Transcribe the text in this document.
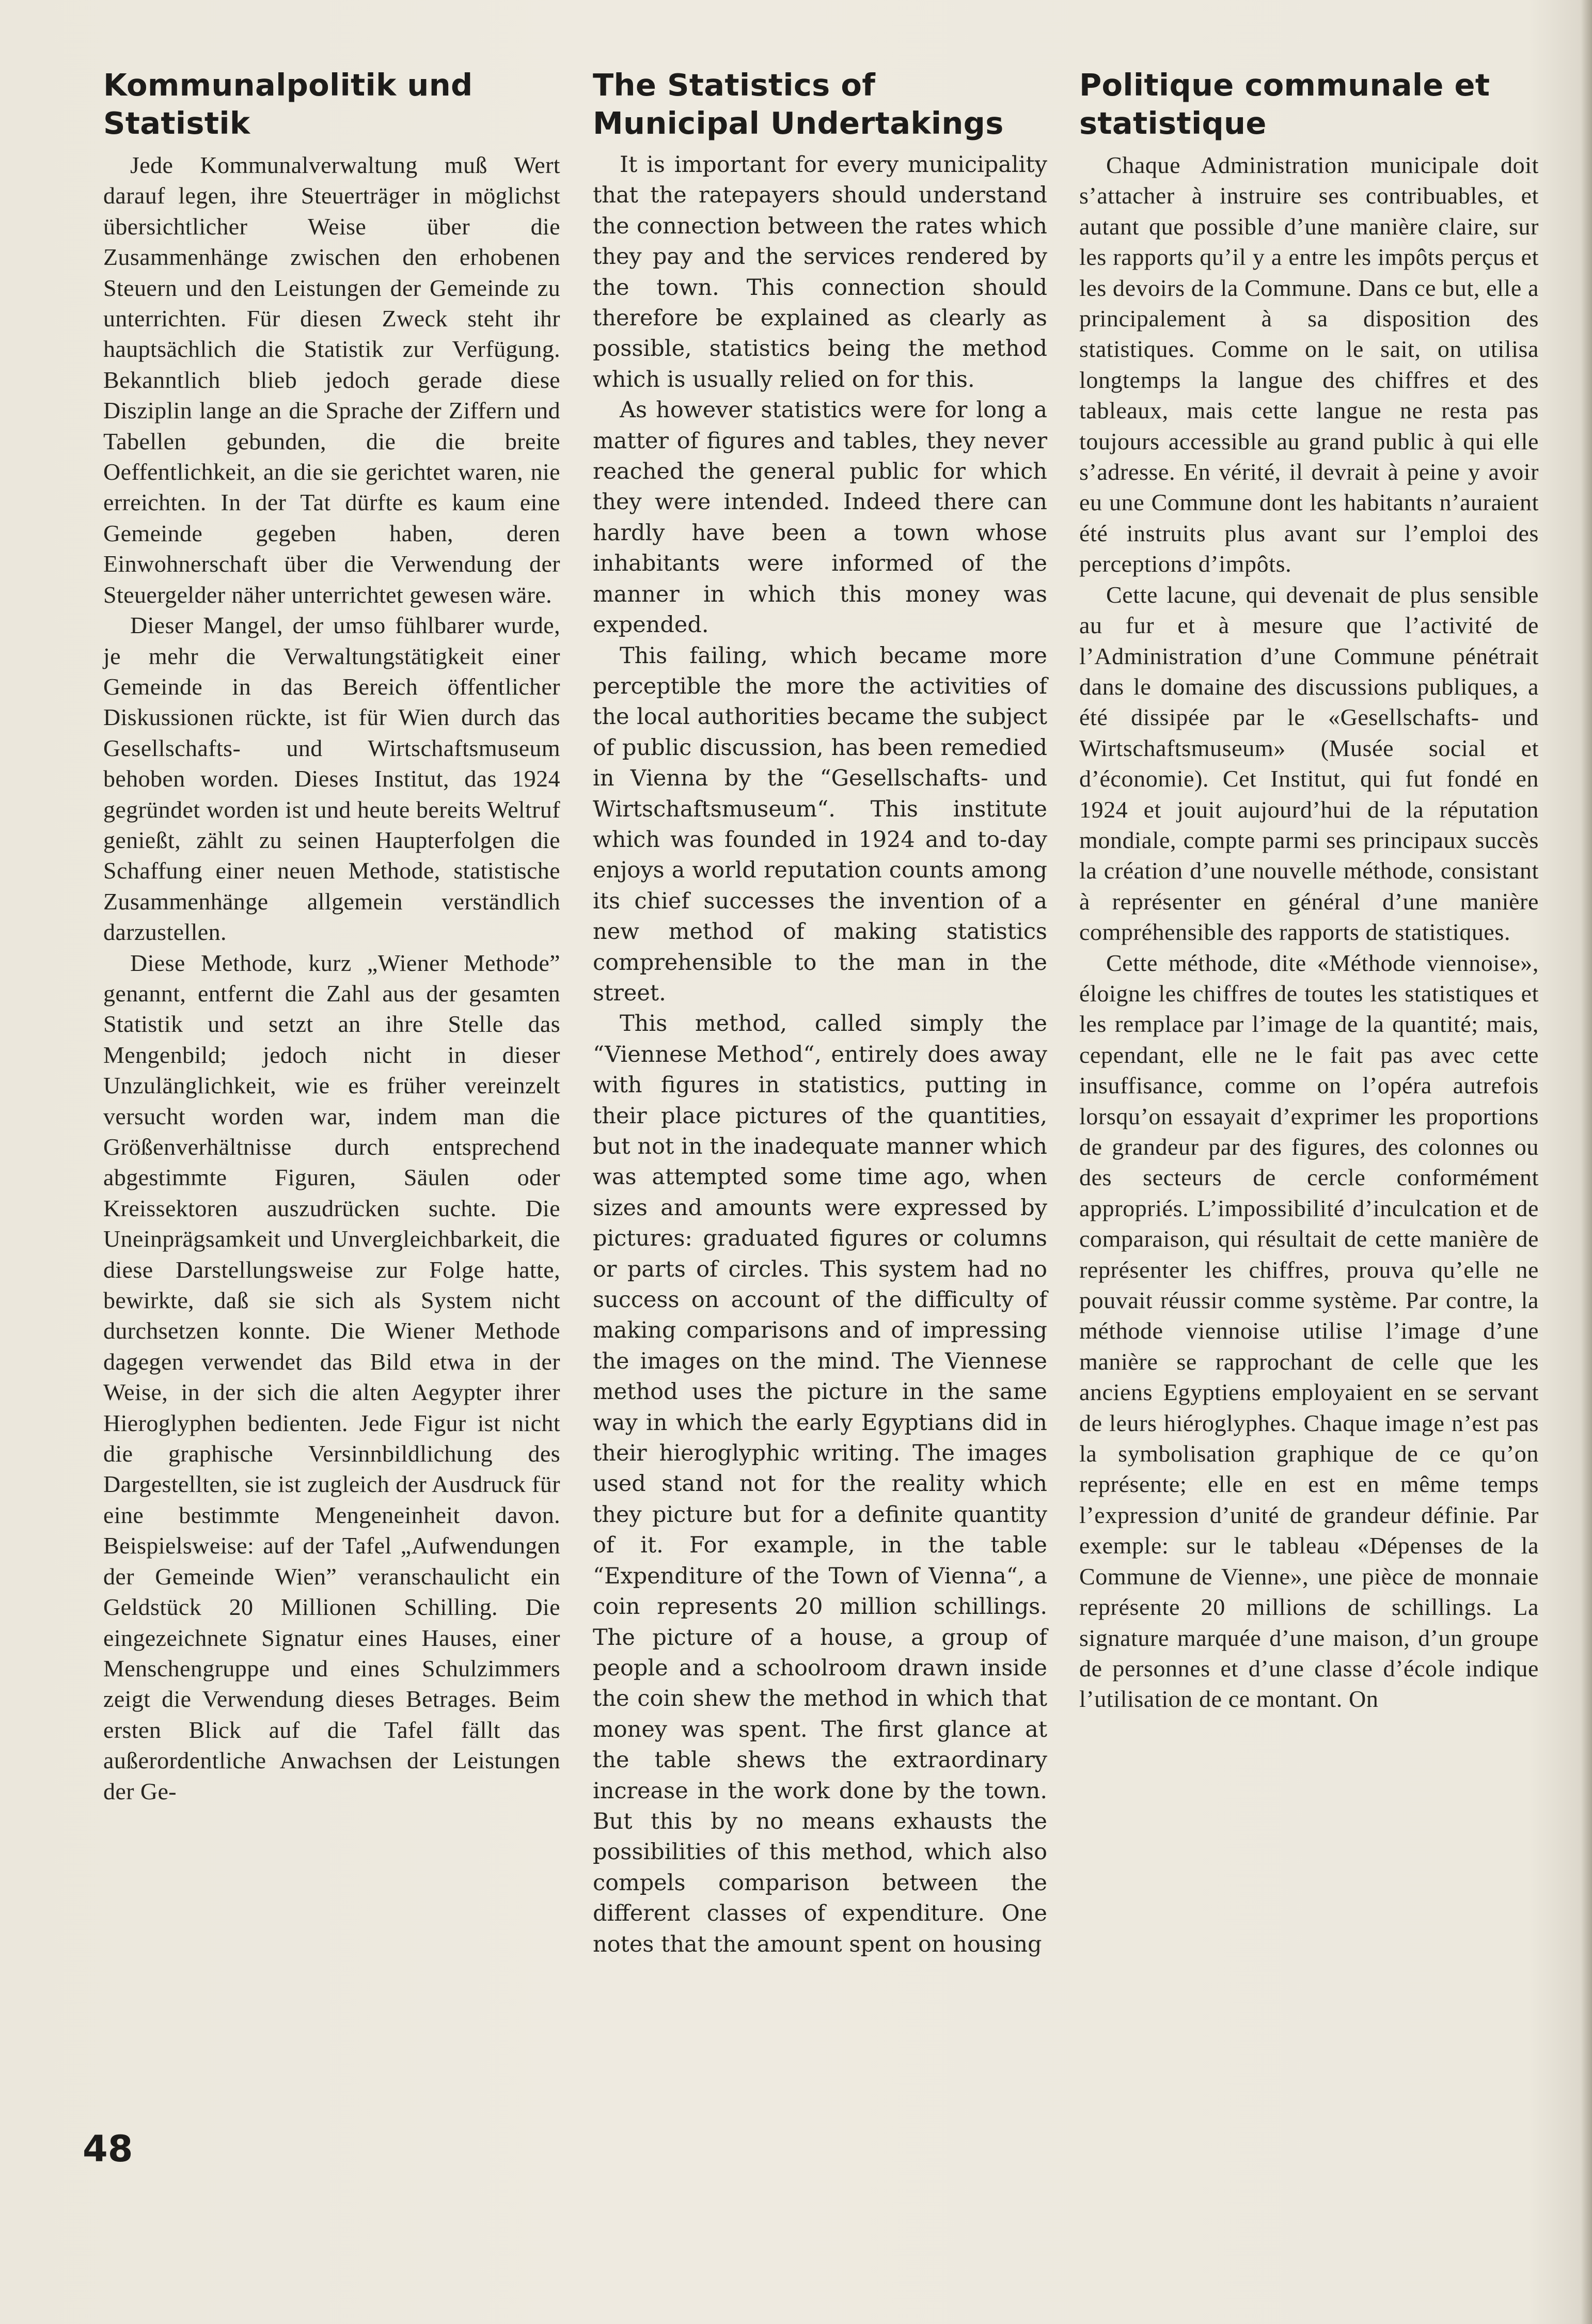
Kommunalpolitik und Statistik

Jede Kommunalverwaltung muß Wert darauf legen, ihre Steuerträger in möglichst übersichtlicher Weise über die Zusammenhänge zwischen den erhobenen Steuern und den Leistungen der Gemeinde zu unterrichten. Für diesen Zweck steht ihr hauptsächlich die Statistik zur Verfügung. Bekanntlich blieb jedoch gerade diese Disziplin lange an die Sprache der Ziffern und Tabellen gebunden, die die breite Oeffentlichkeit, an die sie gerichtet waren, nie erreichten. In der Tat dürfte es kaum eine Gemeinde gegeben haben, deren Einwohnerschaft über die Verwendung der Steuergelder näher unterrichtet gewesen wäre.

Dieser Mangel, der umso fühlbarer wurde, je mehr die Verwaltungstätigkeit einer Gemeinde in das Bereich öffentlicher Diskussionen rückte, ist für Wien durch das Gesellschafts- und Wirtschaftsmuseum behoben worden. Dieses Institut, das 1924 gegründet worden ist und heute bereits Weltruf genießt, zählt zu seinen Haupterfolgen die Schaffung einer neuen Methode, statistische Zusammenhänge allgemein verständlich darzustellen.

Diese Methode, kurz „Wiener Methode” genannt, entfernt die Zahl aus der gesamten Statistik und setzt an ihre Stelle das Mengenbild; jedoch nicht in dieser Unzulänglichkeit, wie es früher vereinzelt versucht worden war, indem man die Größenverhältnisse durch entsprechend abgestimmte Figuren, Säulen oder Kreissektoren auszudrücken suchte. Die Uneinprägsamkeit und Unvergleichbarkeit, die diese Darstellungsweise zur Folge hatte, bewirkte, daß sie sich als System nicht durchsetzen konnte. Die Wiener Methode dagegen verwendet das Bild etwa in der Weise, in der sich die alten Aegypter ihrer Hieroglyphen bedienten. Jede Figur ist nicht die graphische Versinnbildlichung des Dargestellten, sie ist zugleich der Ausdruck für eine bestimmte Mengeneinheit davon. Beispielsweise: auf der Tafel „Aufwendungen der Gemeinde Wien” veranschaulicht ein Geldstück 20 Millionen Schilling. Die eingezeichnete Signatur eines Hauses, einer Menschengruppe und eines Schulzimmers zeigt die Verwendung dieses Betrages. Beim ersten Blick auf die Tafel fällt das außerordentliche Anwachsen der Leistungen der Ge-

The Statistics of Municipal Undertakings

It is important for every municipality that the ratepayers should understand the connection between the rates which they pay and the services rendered by the town. This connection should therefore be explained as clearly as possible, statistics being the method which is usually relied on for this.

As however statistics were for long a matter of figures and tables, they never reached the general public for which they were intended. Indeed there can hardly have been a town whose inhabitants were informed of the manner in which this money was expended.

This failing, which became more perceptible the more the activities of the local authorities became the subject of public discussion, has been remedied in Vienna by the “Gesellschafts- und Wirtschaftsmuseum“. This institute which was founded in 1924 and to-day enjoys a world reputation counts among its chief successes the invention of a new method of making statistics comprehensible to the man in the street.

This method, called simply the “Viennese Method“, entirely does away with figures in statistics, putting in their place pictures of the quantities, but not in the inadequate manner which was attempted some time ago, when sizes and amounts were expressed by pictures: graduated figures or columns or parts of circles. This system had no success on account of the difficulty of making comparisons and of impressing the images on the mind. The Viennese method uses the picture in the same way in which the early Egyptians did in their hieroglyphic writing. The images used stand not for the reality which they picture but for a definite quantity of it. For example, in the table “Expenditure of the Town of Vienna“, a coin represents 20 million schillings. The picture of a house, a group of people and a schoolroom drawn inside the coin shew the method in which that money was spent. The first glance at the table shews the extraordinary increase in the work done by the town. But this by no means exhausts the possibilities of this method, which also compels comparison between the different classes of expenditure. One notes that the amount spent on housing

Politique communale et statistique

Chaque Administration municipale doit s’attacher à instruire ses contribuables, et autant que possible d’une manière claire, sur les rapports qu’il y a entre les impôts perçus et les devoirs de la Commune. Dans ce but, elle a principalement à sa disposition des statistiques. Comme on le sait, on utilisa longtemps la langue des chiffres et des tableaux, mais cette langue ne resta pas toujours accessible au grand public à qui elle s’adresse. En vérité, il devrait à peine y avoir eu une Commune dont les habitants n’auraient été instruits plus avant sur l’emploi des perceptions d’impôts.

Cette lacune, qui devenait de plus sensible au fur et à mesure que l’activité de l’Administration d’une Commune pénétrait dans le domaine des discussions publiques, a été dissipée par le «Gesellschafts- und Wirtschaftsmuseum» (Musée social et d’économie). Cet Institut, qui fut fondé en 1924 et jouit aujourd’hui de la réputation mondiale, compte parmi ses principaux succès la création d’une nouvelle méthode, consistant à représenter en général d’une manière compréhensible des rapports de statistiques.

Cette méthode, dite «Méthode viennoise», éloigne les chiffres de toutes les statistiques et les remplace par l’image de la quantité; mais, cependant, elle ne le fait pas avec cette insuffisance, comme on l’opéra autrefois lorsqu’on essayait d’exprimer les proportions de grandeur par des figures, des colonnes ou des secteurs de cercle conformément appropriés. L’impossibilité d’inculcation et de comparaison, qui résultait de cette manière de représenter les chiffres, prouva qu’elle ne pouvait réussir comme système. Par contre, la méthode viennoise utilise l’image d’une manière se rapprochant de celle que les anciens Egyptiens employaient en se servant de leurs hiéroglyphes. Chaque image n’est pas la symbolisation graphique de ce qu’on représente; elle en est en même temps l’expression d’unité de grandeur définie. Par exemple: sur le tableau «Dépenses de la Commune de Vienne», une pièce de monnaie représente 20 millions de schillings. La signature marquée d’une maison, d’un groupe de personnes et d’une classe d’école indique l’utilisation de ce montant. On

48
